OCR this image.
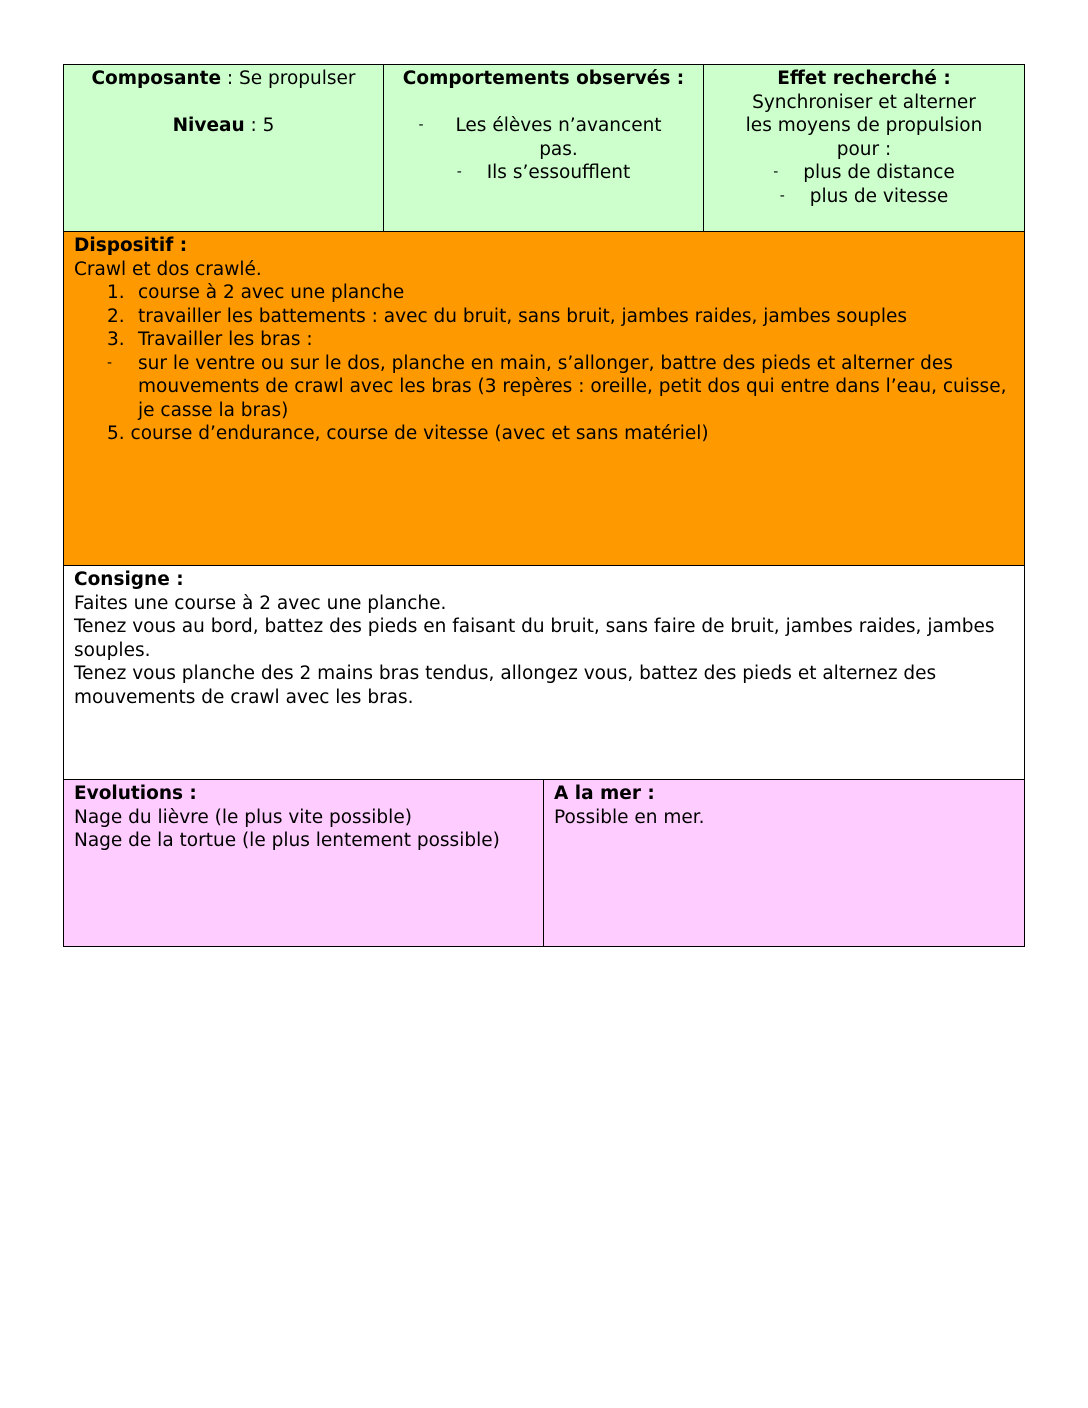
Composante : Se propulser
Niveau : 5
Comportements observés :
-	Les élèves n’avancent pas.
-	Ils s’essoufflent
Effet recherché :
Synchroniser et alterner les moyens de propulsion pour :
-	plus de distance
-	plus de vitesse
Dispositif :
Crawl et dos crawlé.
1. course à 2 avec une planche
2. travailler les battements : avec du bruit, sans bruit, jambes raides, jambes souples
3. Travailler les bras :
-	sur le ventre ou sur le dos, planche en main, s’allonger, battre des pieds et alterner des mouvements de crawl avec les bras (3 repères : oreille, petit dos qui entre dans l’eau, cuisse, je casse la bras)
5. course d’endurance, course de vitesse (avec et sans matériel)
Consigne :
Faites une course à 2 avec une planche.
Tenez vous au bord, battez des pieds en faisant du bruit, sans faire de bruit, jambes raides, jambes souples.
Tenez vous planche des 2 mains bras tendus, allongez vous, battez des pieds et alternez des mouvements de crawl avec les bras.
Evolutions :
Nage du lièvre (le plus vite possible)
Nage de la tortue (le plus lentement possible)
A la mer :
Possible en mer.
